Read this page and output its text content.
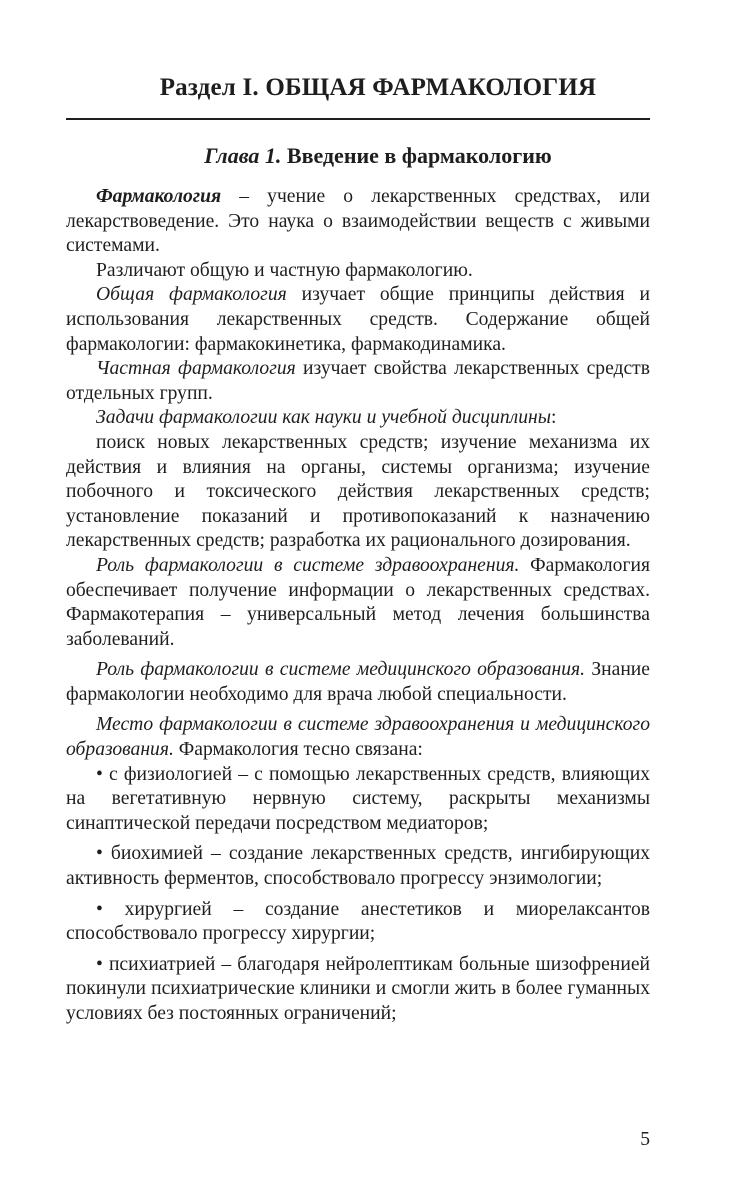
Раздел I. ОБЩАЯ ФАРМАКОЛОГИЯ
Глава 1. Введение в фармакологию

Фармакология – учение о лекарственных средствах, или лекарствоведение. Это наука о взаимодействии веществ с живыми системами.

Различают общую и частную фармакологию.

Общая фармакология изучает общие принципы действия и использования лекарственных средств. Содержание общей фармакологии: фармакокинетика, фармакодинамика.

Частная фармакология изучает свойства лекарственных средств отдельных групп.

Задачи фармакологии как науки и учебной дисциплины:

поиск новых лекарственных средств; изучение механизма их действия и влияния на органы, системы организма; изучение побочного и токсического действия лекарственных средств; установление показаний и противопоказаний к назначению лекарственных средств; разработка их рационального дозирования.

Роль фармакологии в системе здравоохранения. Фармакология обеспечивает получение информации о лекарственных средствах. Фармакотерапия – универсальный метод лечения большинства заболеваний.

Роль фармакологии в системе медицинского образования. Знание фармакологии необходимо для врача любой специальности.

Место фармакологии в системе здравоохранения и медицинского образования. Фармакология тесно связана:

• с физиологией – с помощью лекарственных средств, влияющих на вегетативную нервную систему, раскрыты механизмы синаптической передачи посредством медиаторов;

• биохимией – создание лекарственных средств, ингибирующих активность ферментов, способствовало прогрессу энзимологии;

• хирургией – создание анестетиков и миорелаксантов способствовало прогрессу хирургии;

• психиатрией – благодаря нейролептикам больные шизофренией покинули психиатрические клиники и смогли жить в более гуманных условиях без постоянных ограничений;

5
